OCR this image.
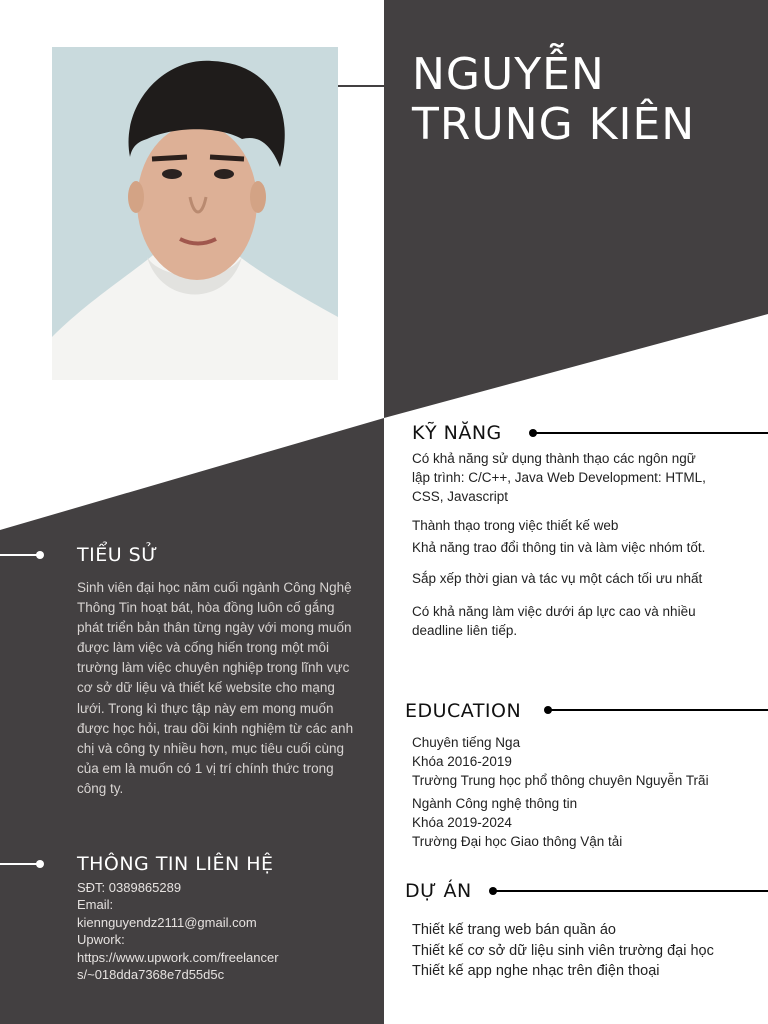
NGUYỄN
TRUNG KIÊN
TIỂU SỬ

Sinh viên đại học năm cuối ngành Công Nghệ Thông Tin hoạt bát, hòa đồng luôn cố gắng phát triển bản thân từng ngày với mong muốn được làm việc và cống hiến trong một môi trường làm việc chuyên nghiệp trong lĩnh vực cơ sở dữ liệu và thiết kế website cho mạng lưới. Trong kì thực tập này em mong muốn được học hỏi, trau dồi kinh nghiệm từ các anh chị và công ty nhiều hơn, mục tiêu cuối cùng của em là muốn có 1 vị trí chính thức trong công ty.

THÔNG TIN LIÊN HỆ
SĐT: 0389865289
Email:
kiennguyendz2111@gmail.com
Upwork:
https://www.upwork.com/freelancer
s/~018dda7368e7d55d5c
KỸ NĂNG

Có khả năng sử dụng thành thạo các ngôn ngữ lập trình: C/C++, Java Web Development: HTML, CSS, Javascript

Thành thạo trong việc thiết kế web

Khả năng trao đổi thông tin và làm việc nhóm tốt.

Sắp xếp thời gian và tác vụ một cách tối ưu nhất

Có khả năng làm việc dưới áp lực cao và nhiều deadline liên tiếp.

EDUCATION

Chuyên tiếng Nga

Khóa 2016-2019

Trường Trung học phổ thông chuyên Nguyễn Trãi

Ngành Công nghệ thông tin

Khóa 2019-2024

Trường Đại học Giao thông Vận tải

DỰ ÁN
Thiết kế trang web bán quần áo
Thiết kế cơ sở dữ liệu sinh viên trường đại học
Thiết kế app nghe nhạc trên điện thoại
